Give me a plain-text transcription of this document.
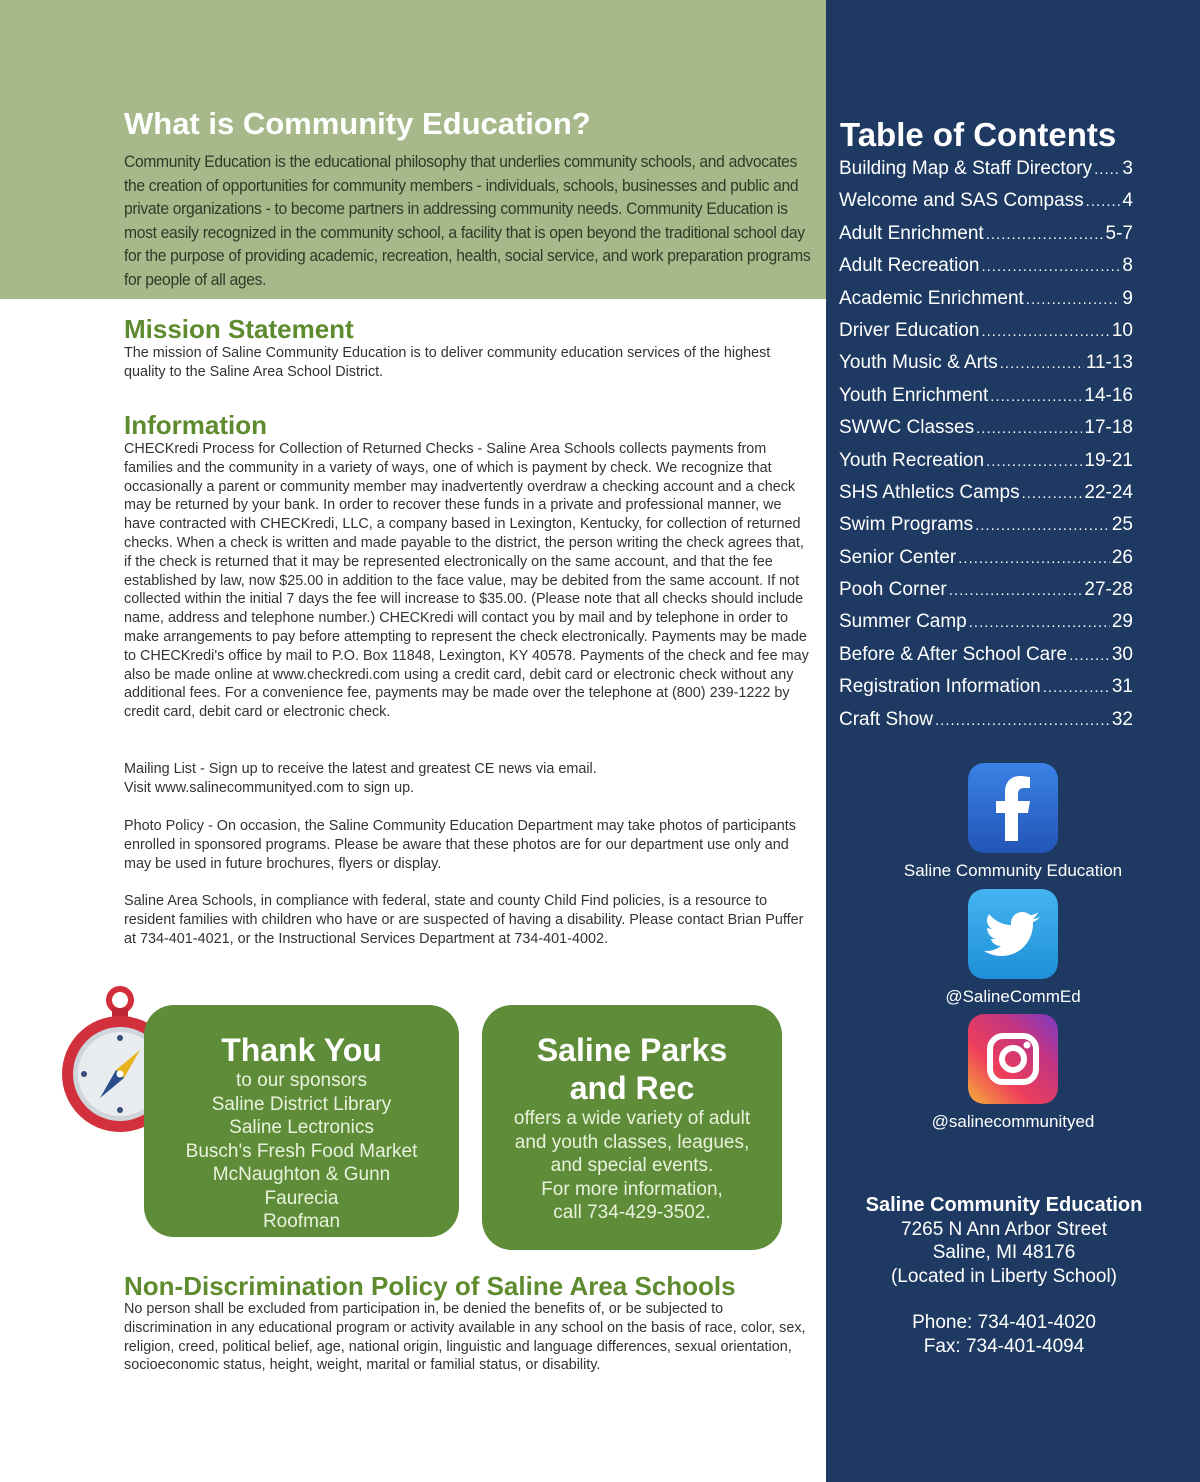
What is Community Education?

Community Education is the educational philosophy that underlies community schools, and advocates the creation of opportunities for community members - individuals, schools, businesses and public and private organizations - to become partners in addressing community needs. Community Education is most easily recognized in the community school, a facility that is open beyond the traditional school day for the purpose of providing academic, recreation, health, social service, and work preparation programs for people of all ages.

Mission Statement

The mission of Saline Community Education is to deliver community education services of the highest quality to the Saline Area School District.

Information

CHECKredi Process for Collection of Returned Checks - Saline Area Schools collects payments from families and the community in a variety of ways, one of which is payment by check. We recognize that occasionally a parent or community member may inadvertently overdraw a checking account and a check may be returned by your bank. In order to recover these funds in a private and professional manner, we have contracted with CHECKredi, LLC, a company based in Lexington, Kentucky, for collection of returned checks. When a check is written and made payable to the district, the person writing the check agrees that, if the check is returned that it may be represented electronically on the same account, and that the fee established by law, now $25.00 in addition to the face value, may be debited from the same account. If not collected within the initial 7 days the fee will increase to $35.00. (Please note that all checks should include name, address and telephone number.) CHECKredi will contact you by mail and by telephone in order to make arrangements to pay before attempting to represent the check electronically. Payments may be made to CHECKredi's office by mail to P.O. Box 11848, Lexington, KY 40578. Payments of the check and fee may also be made online at www.checkredi.com using a credit card, debit card or electronic check without any additional fees. For a convenience fee, payments may be made over the telephone at (800) 239-1222 by credit card, debit card or electronic check.

Mailing List - Sign up to receive the latest and greatest CE news via email.
Visit www.salinecommunityed.com to sign up.

Photo Policy - On occasion, the Saline Community Education Department may take photos of participants enrolled in sponsored programs. Please be aware that these photos are for our department use only and may be used in future brochures, flyers or display.

Saline Area Schools, in compliance with federal, state and county Child Find policies, is a resource to resident families with children who have or are suspected of having a disability. Please contact Brian Puffer at 734-401-4021, or the Instructional Services Department at 734-401-4002.

Thank You
to our sponsors
Saline District Library
Saline Lectronics
Busch's Fresh Food Market
McNaughton & Gunn
Faurecia
Roofman
Saline Parks
and Rec
offers a wide variety of adult
and youth classes, leagues,
and special events.
For more information,
call 734-429-3502.
Non-Discrimination Policy of Saline Area Schools

No person shall be excluded from participation in, be denied the benefits of, or be subjected to discrimination in any educational program or activity available in any school on the basis of race, color, sex, religion, creed, political belief, age, national origin, linguistic and language differences, sexual orientation, socioeconomic status, height, weight, marital or familial status, or disability.

Table of Contents
Building Map & Staff Directory ..... 3
Welcome and SAS Compass ..... 4
Adult Enrichment .....	5-7
Adult Recreation .....	8
Academic Enrichment .....	9
Driver Education .....	10
Youth Music & Arts .....	11-13
Youth Enrichment .....	14-16
SWWC Classes .....	17-18
Youth Recreation .....	19-21
SHS Athletics Camps .....	22-24
Swim Programs .....	25
Senior Center .....	26
Pooh Corner .....	27-28
Summer Camp .....	29
Before & After School Care ..... 30
Registration Information .....	31
Craft Show .....	32
Saline Community Education
@SalineCommEd
@salinecommunityed
Saline Community Education
7265 N Ann Arbor Street
Saline, MI 48176
(Located in Liberty School)
Phone: 734-401-4020
Fax: 734-401-4094
